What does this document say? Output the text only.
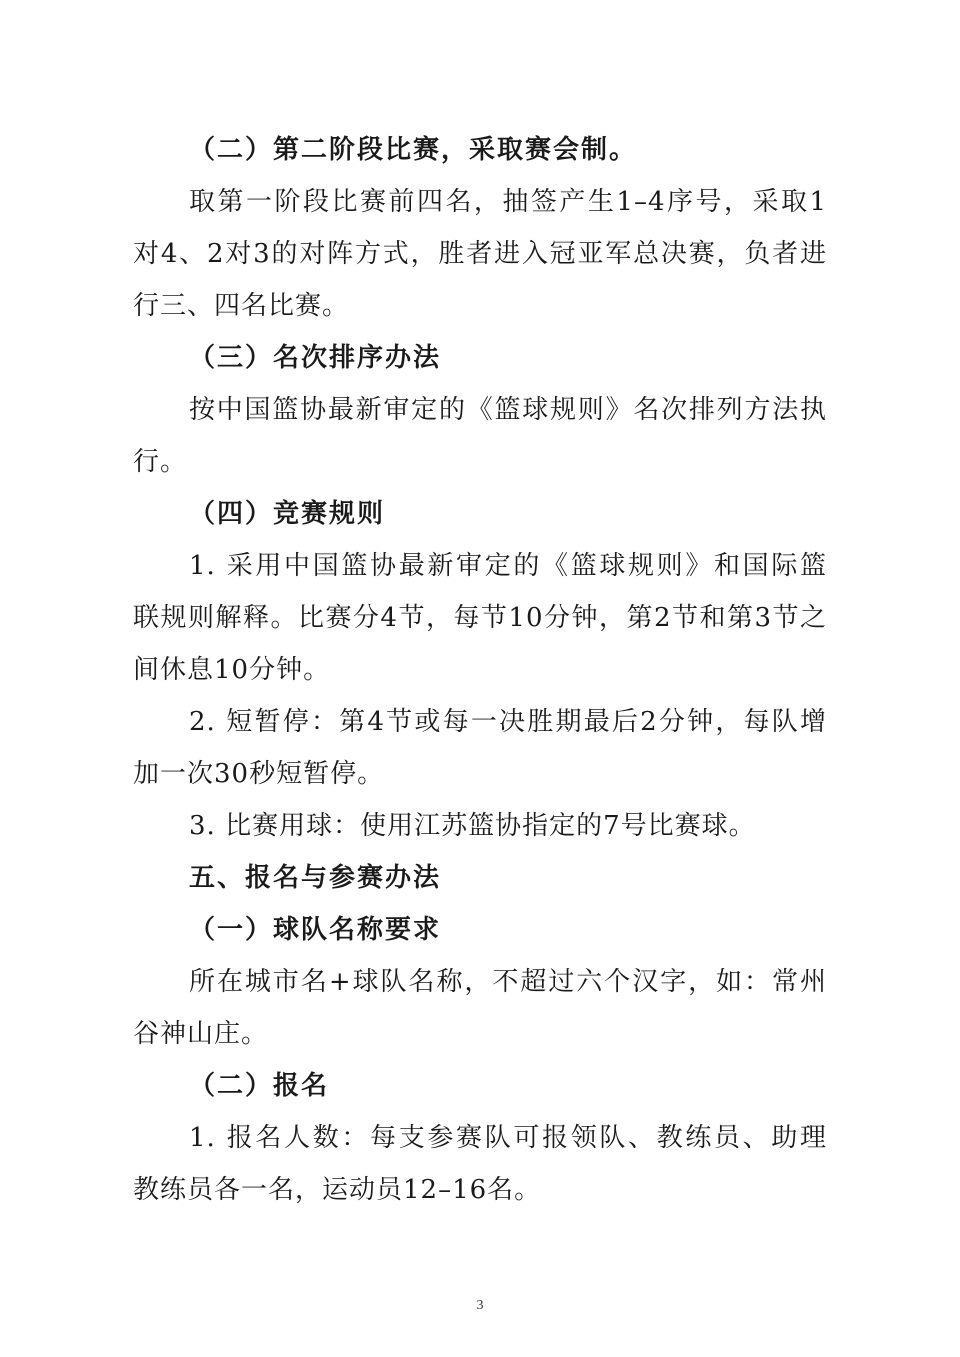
（二）第二阶段比赛，采取赛会制。
取第一阶段比赛前四名，抽签产生1–4序号，采取1
对4、2对3的对阵方式，胜者进入冠亚军总决赛，负者进
行三、四名比赛。
（三）名次排序办法
按中国篮协最新审定的《篮球规则》名次排列方法执
行。
（四）竞赛规则
1. 采用中国篮协最新审定的《篮球规则》和国际篮
联规则解释。比赛分4节，每节10分钟，第2节和第3节之
间休息10分钟。
2. 短暂停：第4节或每一决胜期最后2分钟，每队增
加一次30秒短暂停。
3. 比赛用球：使用江苏篮协指定的7号比赛球。
五、报名与参赛办法
（一）球队名称要求
所在城市名+球队名称，不超过六个汉字，如：常州
谷神山庄。
（二）报名
1. 报名人数：每支参赛队可报领队、教练员、助理
教练员各一名，运动员12–16名。
3
